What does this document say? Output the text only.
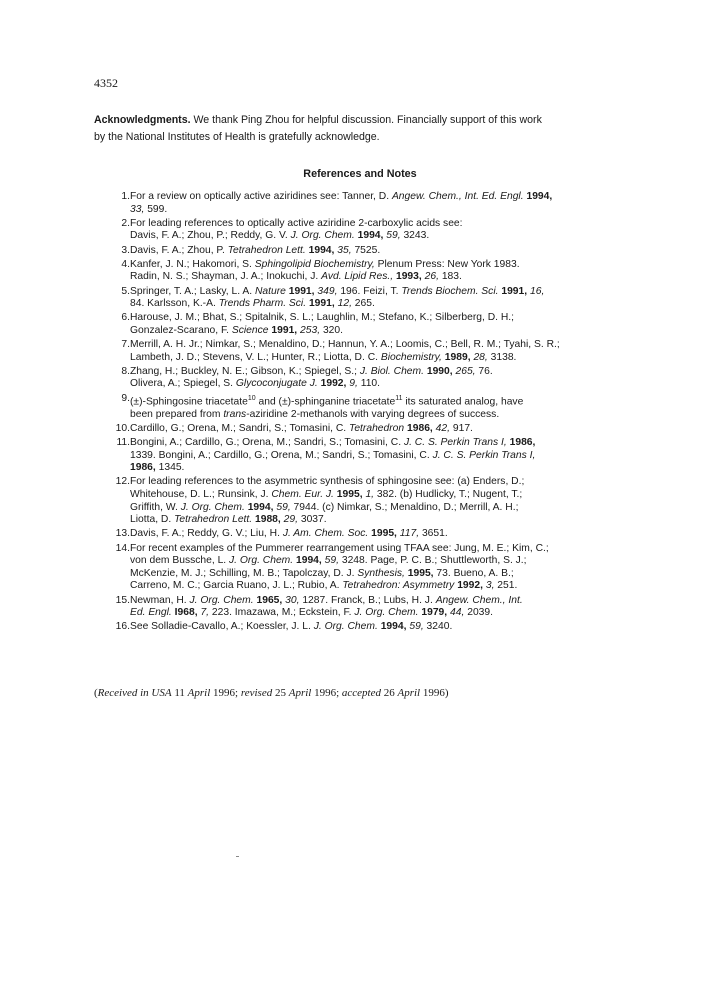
4352
Acknowledgments. We thank Ping Zhou for helpful discussion. Financially support of this work
by the National Institutes of Health is gratefully acknowledge.
References and Notes
1. For a review on optically active aziridines see: Tanner, D. Angew. Chem., Int. Ed. Engl. 1994,
33, 599.
2. For leading references to optically active aziridine 2-carboxylic acids see:
Davis, F. A.; Zhou, P.; Reddy, G. V. J. Org. Chem. 1994, 59, 3243.
3. Davis, F. A.; Zhou, P. Tetrahedron Lett. 1994, 35, 7525.
4. Kanfer, J. N.; Hakomori, S. Sphingolipid Biochemistry, Plenum Press: New York 1983.
Radin, N. S.; Shayman, J. A.; Inokuchi, J. Avd. Lipid Res., 1993, 26, 183.
5. Springer, T. A.; Lasky, L. A. Nature 1991, 349, 196. Feizi, T. Trends Biochem. Sci. 1991, 16,
84. Karlsson, K.-A. Trends Pharm. Sci. 1991, 12, 265.
6. Harouse, J. M.; Bhat, S.; Spitalnik, S. L.; Laughlin, M.; Stefano, K.; Silberberg, D. H.;
Gonzalez-Scarano, F. Science 1991, 253, 320.
7. Merrill, A. H. Jr.; Nimkar, S.; Menaldino, D.; Hannun, Y. A.; Loomis, C.; Bell, R. M.; Tyahi, S. R.;
Lambeth, J. D.; Stevens, V. L.; Hunter, R.; Liotta, D. C. Biochemistry, 1989, 28, 3138.
8. Zhang, H.; Buckley, N. E.; Gibson, K.; Spiegel, S.; J. Biol. Chem. 1990, 265, 76.
Olivera, A.; Spiegel, S. Glycoconjugate J. 1992, 9, 110.
9. (±)-Sphingosine triacetate$^{10}$ and (±)-sphinganine triacetate$^{11}$ its saturated analog, have
been prepared from trans-aziridine 2-methanols with varying degrees of success.
10. Cardillo, G.; Orena, M.; Sandri, S.; Tomasini, C. Tetrahedron 1986, 42, 917.
11. Bongini, A.; Cardillo, G.; Orena, M.; Sandri, S.; Tomasini, C. J. C. S. Perkin Trans I, 1986,
1339. Bongini, A.; Cardillo, G.; Orena, M.; Sandri, S.; Tomasini, C. J. C. S. Perkin Trans I,
1986, 1345.
12. For leading references to the asymmetric synthesis of sphingosine see: (a) Enders, D.;
Whitehouse, D. L.; Runsink, J. Chem. Eur. J. 1995, 1, 382. (b) Hudlicky, T.; Nugent, T.;
Griffith, W. J. Org. Chem. 1994, 59, 7944. (c) Nimkar, S.; Menaldino, D.; Merrill, A. H.;
Liotta, D. Tetrahedron Lett. 1988, 29, 3037.
13. Davis, F. A.; Reddy, G. V.; Liu, H. J. Am. Chem. Soc. 1995, 117, 3651.
14. For recent examples of the Pummerer rearrangement using TFAA see: Jung, M. E.; Kim, C.;
von dem Bussche, L. J. Org. Chem. 1994, 59, 3248. Page, P. C. B.; Shuttleworth, S. J.;
McKenzie, M. J.; Schilling, M. B.; Tapolczay, D. J. Synthesis, 1995, 73. Bueno, A. B.;
Carreno, M. C.; Garcia Ruano, J. L.; Rubio, A. Tetrahedron: Asymmetry 1992, 3, 251.
15. Newman, H. J. Org. Chem. 1965, 30, 1287. Franck, B.; Lubs, H. J. Angew. Chem., Int.
Ed. Engl. I968, 7, 223. Imazawa, M.; Eckstein, F. J. Org. Chem. 1979, 44, 2039.
16. See Solladie-Cavallo, A.; Koessler, J. L. J. Org. Chem. 1994, 59, 3240.
(Received in USA 11 April 1996; revised 25 April 1996; accepted 26 April 1996)
